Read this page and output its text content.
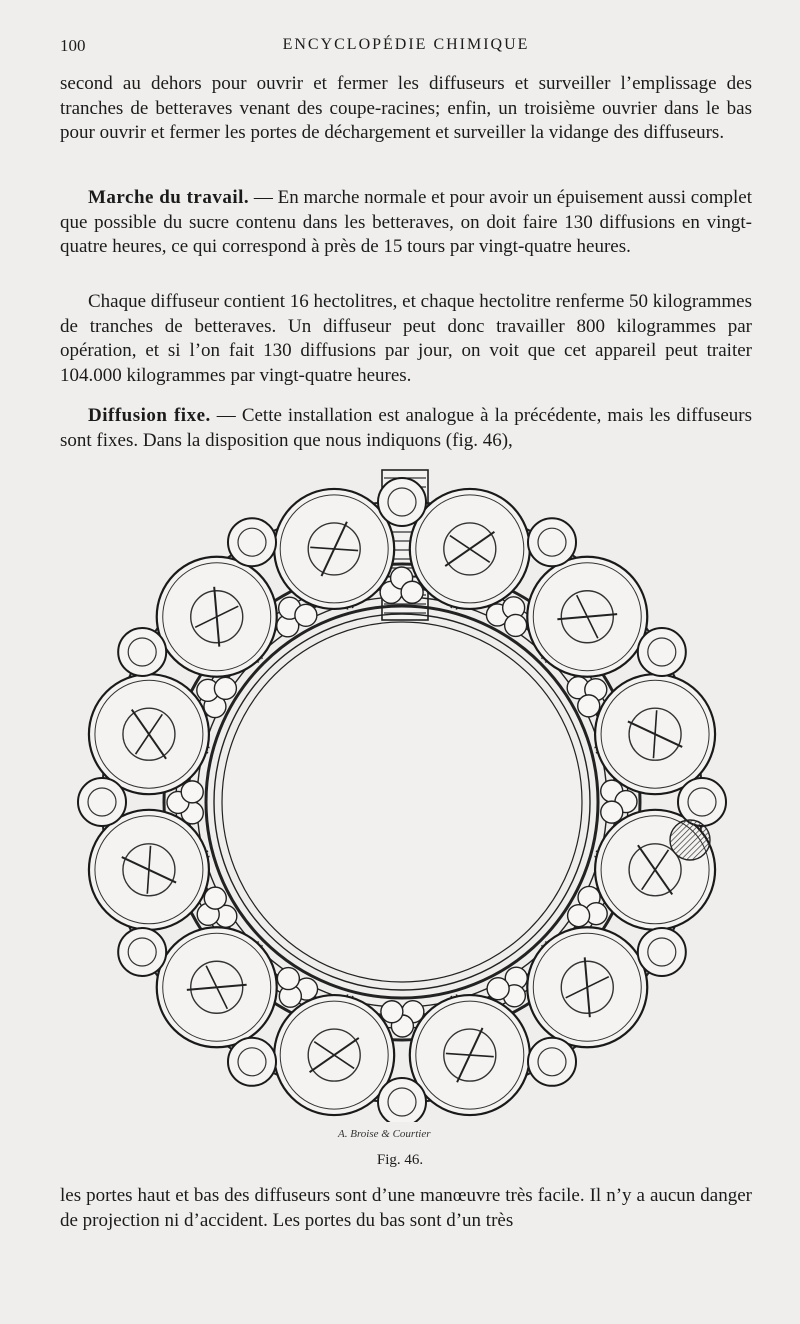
100	ENCYCLOPÉDIE CHIMIQUE

second au dehors pour ouvrir et fermer les diffuseurs et surveiller l’emplissage des tranches de betteraves venant des coupe-racines; enfin, un troisième ouvrier dans le bas pour ouvrir et fermer les portes de déchargement et surveiller la vidange des diffuseurs.

Marche du travail. — En marche normale et pour avoir un épuisement aussi complet que possible du sucre contenu dans les betteraves, on doit faire 130 diffusions en vingt-quatre heures, ce qui correspond à près de 15 tours par vingt-quatre heures.

Chaque diffuseur contient 16 hectolitres, et chaque hectolitre renferme 50 kilogrammes de tranches de betteraves. Un diffuseur peut donc travailler 800 kilogrammes par opération, et si l’on fait 130 diffusions par jour, on voit que cet appareil peut traiter 104.000 kilogrammes par vingt-quatre heures.

Diffusion fixe. — Cette installation est analogue à la précédente, mais les diffuseurs sont fixes. Dans la disposition que nous indiquons (fig. 46),

A. Broise & Courtier
Fig. 46.

les portes haut et bas des diffuseurs sont d’une manœuvre très facile. Il n’y a aucun danger de projection ni d’accident. Les portes du bas sont d’un très
